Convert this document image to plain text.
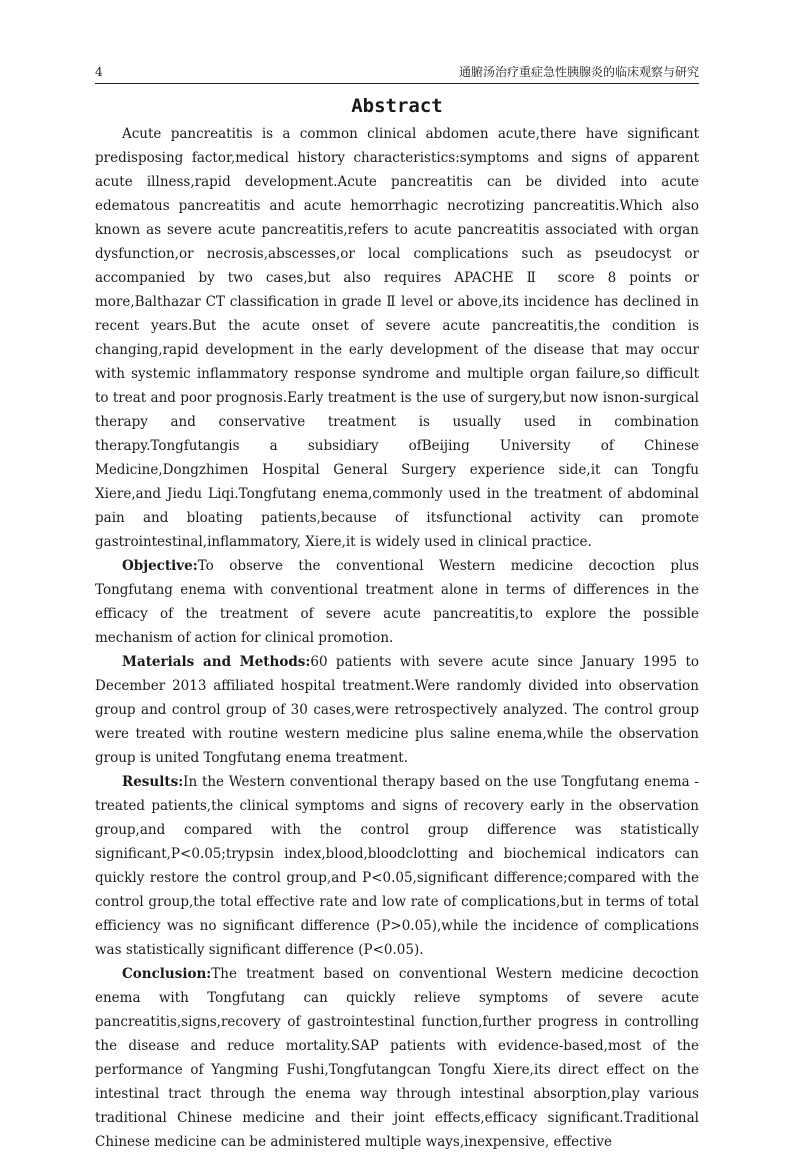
4	通腑汤治疗重症急性胰腺炎的临床观察与研究
Abstract

Acute pancreatitis is a common clinical abdomen acute,there have significant predisposing factor,medical history characteristics:symptoms and signs of apparent acute illness,rapid development.Acute pancreatitis can be divided into acute edematous pancreatitis and acute hemorrhagic necrotizing pancreatitis.Which also known as severe acute pancreatitis,refers to acute pancreatitis associated with organ dysfunction,or necrosis,abscesses,or local complications such as pseudocyst or accompanied by two cases,but also requires APACHE Ⅱ score 8 points or more,Balthazar CT classification in grade Ⅱ level or above,its incidence has declined in recent years.But the acute onset of severe acute pancreatitis,the condition is changing,rapid development in the early development of the disease that may occur with systemic inflammatory response syndrome and multiple organ failure,so difficult to treat and poor prognosis.Early treatment is the use of surgery,but now isnon-surgical therapy and conservative treatment is usually used in combination therapy.Tongfutangis a subsidiary ofBeijing University of Chinese Medicine,Dongzhimen Hospital General Surgery experience side,it can Tongfu Xiere,and Jiedu Liqi.Tongfutang enema,commonly used in the treatment of abdominal pain and bloating patients,because of itsfunctional activity can promote gastrointestinal,inflammatory, Xiere,it is widely used in clinical practice.

Objective:To observe the conventional Western medicine decoction plus Tongfutang enema with conventional treatment alone in terms of differences in the efficacy of the treatment of severe acute pancreatitis,to explore the possible mechanism of action for clinical promotion.

Materials and Methods:60 patients with severe acute since January 1995 to December 2013 affiliated hospital treatment.Were randomly divided into observation group and control group of 30 cases,were retrospectively analyzed. The control group were treated with routine western medicine plus saline enema,while the observation group is united Tongfutang enema treatment.

Results:In the Western conventional therapy based on the use Tongfutang enema -treated patients,the clinical symptoms and signs of recovery early in the observation group,and compared with the control group difference was statistically significant,P<0.05;trypsin index,blood,bloodclotting and biochemical indicators can quickly restore the control group,and P<0.05,significant difference;compared with the control group,the total effective rate and low rate of complications,but in terms of total efficiency was no significant difference (P>0.05),while the incidence of complications was statistically significant difference (P<0.05).

Conclusion:The treatment based on conventional Western medicine decoction enema with Tongfutang can quickly relieve symptoms of severe acute pancreatitis,signs,recovery of gastrointestinal function,further progress in controlling the disease and reduce mortality.SAP patients with evidence-based,most of the performance of Yangming Fushi,Tongfutangcan Tongfu Xiere,its direct effect on the intestinal tract through the enema way through intestinal absorption,play various traditional Chinese medicine and their joint effects,efficacy significant.Traditional Chinese medicine can be administered multiple ways,inexpensive, effective
